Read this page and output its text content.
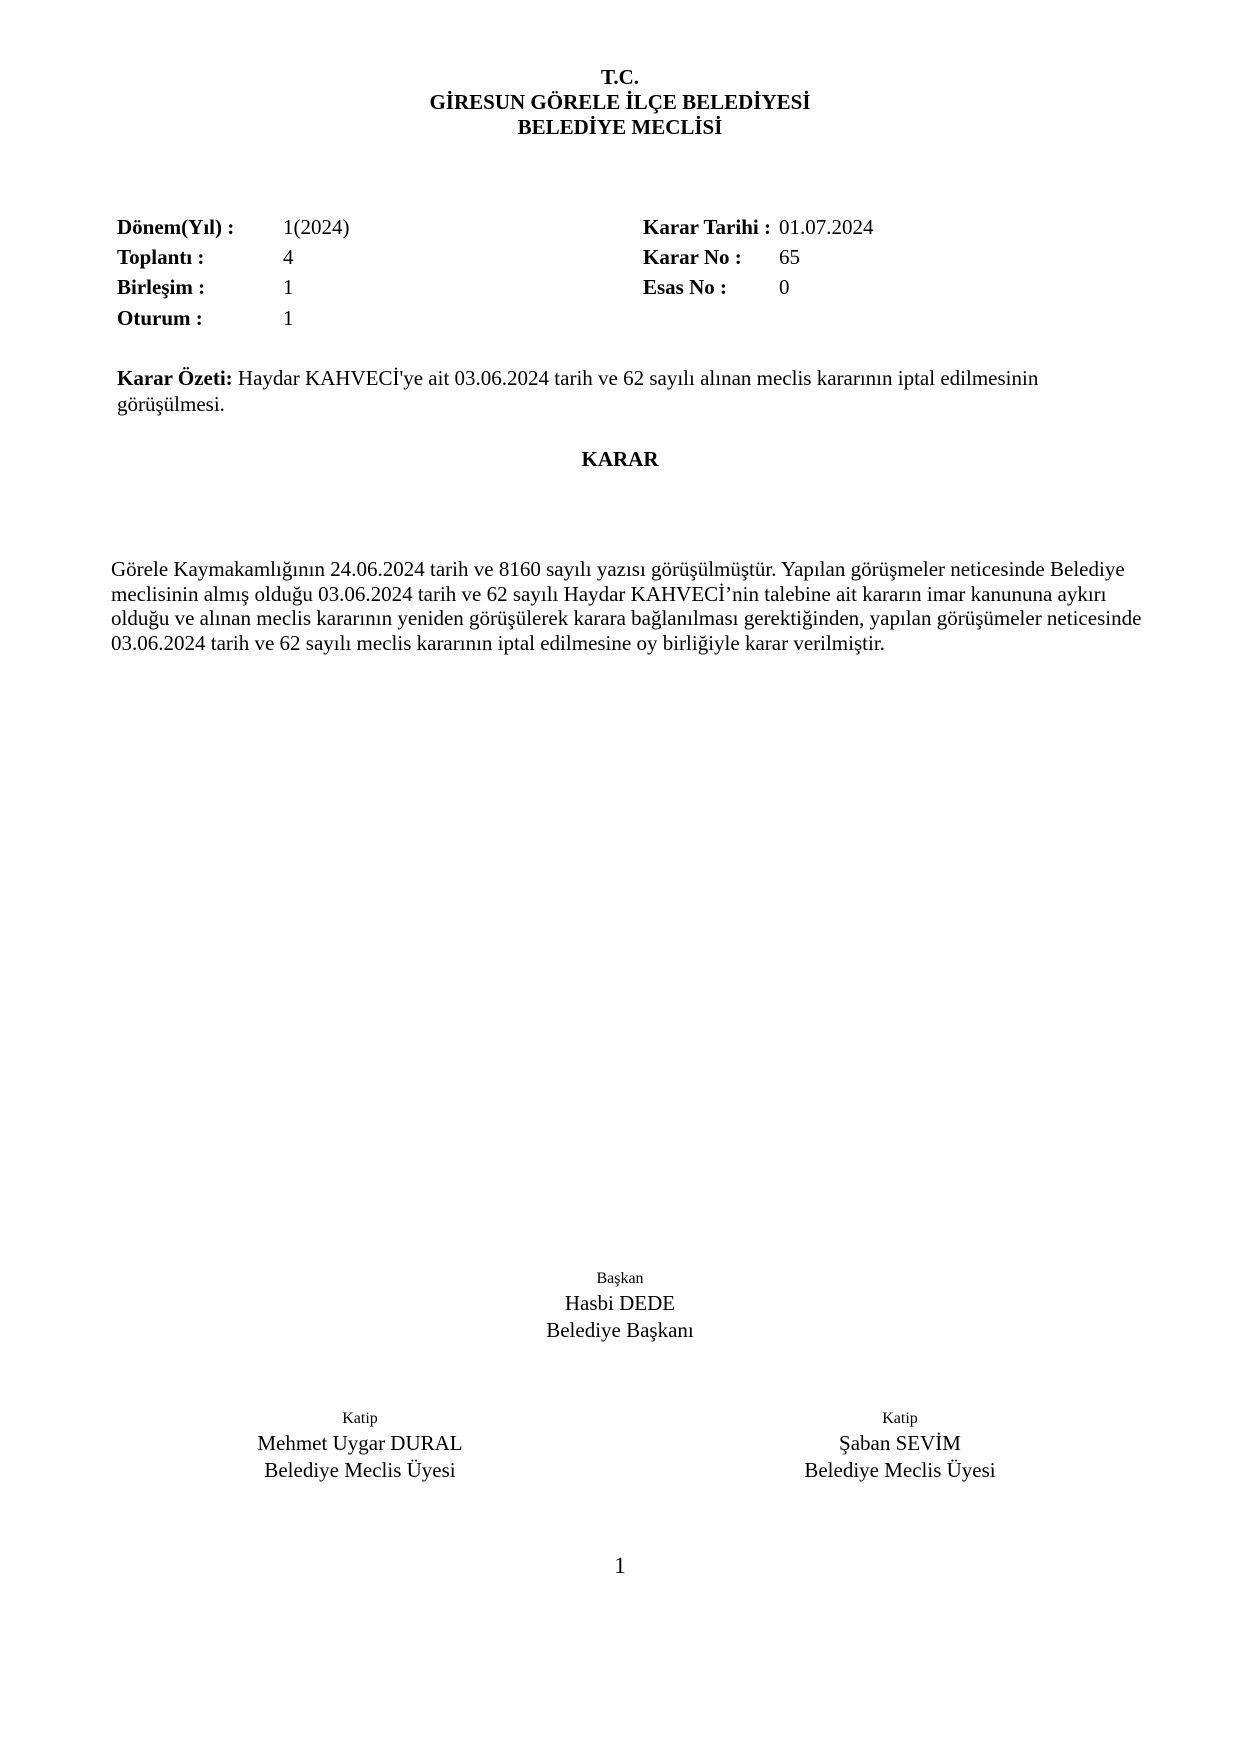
T.C.
GİRESUN GÖRELE İLÇE BELEDİYESİ
BELEDİYE MECLİSİ
Dönem(Yıl) : 1(2024)
Toplantı :	4
Birleşim :	1
Oturum :	1
Karar Tarihi : 01.07.2024
Karar No : 65
Esas No : 0
Karar Özeti: Haydar KAHVECİ'ye ait 03.06.2024 tarih ve 62 sayılı alınan meclis kararının iptal edilmesinin görüşülmesi.
KARAR
Görele Kaymakamlığının 24.06.2024 tarih ve 8160 sayılı yazısı görüşülmüştür. Yapılan görüşmeler neticesinde Belediye meclisinin almış olduğu 03.06.2024 tarih ve 62 sayılı Haydar KAHVECİ’nin talebine ait kararın imar kanununa aykırı olduğu ve alınan meclis kararının yeniden görüşülerek karara bağlanılması gerektiğinden, yapılan görüşümeler neticesinde 03.06.2024 tarih ve 62 sayılı meclis kararının iptal edilmesine oy birliğiyle karar verilmiştir.
Başkan
Hasbi DEDE
Belediye Başkanı
Katip
Mehmet Uygar DURAL
Belediye Meclis Üyesi
Katip
Şaban SEVİM
Belediye Meclis Üyesi
1
